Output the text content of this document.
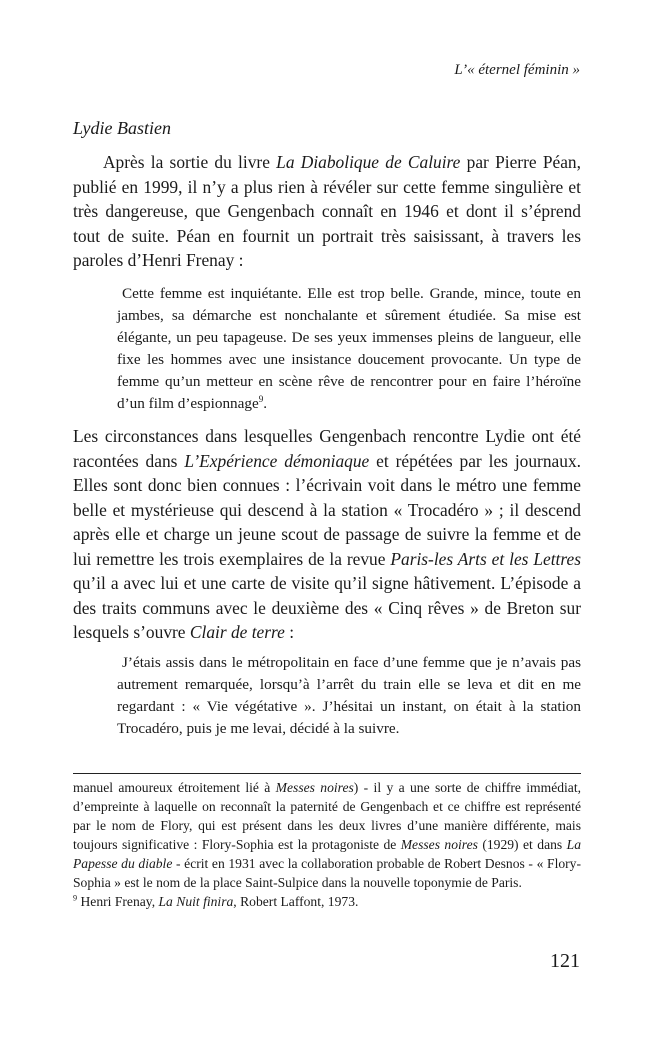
L’« éternel féminin »
Lydie Bastien

Après la sortie du livre La Diabolique de Caluire par Pierre Péan, publié en 1999, il n’y a plus rien à révéler sur cette femme singulière et très dangereuse, que Gengenbach connaît en 1946 et dont il s’éprend tout de suite. Péan en fournit un portrait très saisissant, à travers les paroles d’Henri Frenay :

Cette femme est inquiétante. Elle est trop belle. Grande, mince, toute en jambes, sa démarche est nonchalante et sûrement étudiée. Sa mise est élégante, un peu tapageuse. De ses yeux immenses pleins de langueur, elle fixe les hommes avec une insistance doucement provocante. Un type de femme qu’un metteur en scène rêve de rencontrer pour en faire l’héroïne d’un film d’espionnage$^9$.

Les circonstances dans lesquelles Gengenbach rencontre Lydie ont été racontées dans L’Expérience démoniaque et répétées par les journaux. Elles sont donc bien connues : l’écrivain voit dans le métro une femme belle et mystérieuse qui descend à la station « Trocadéro » ; il descend après elle et charge un jeune scout de passage de suivre la femme et de lui remettre les trois exemplaires de la revue Paris-les Arts et les Lettres qu’il a avec lui et une carte de visite qu’il signe hâtivement. L’épisode a des traits communs avec le deuxième des « Cinq rêves » de Breton sur lesquels s’ouvre Clair de terre :

J’étais assis dans le métropolitain en face d’une femme que je n’avais pas autrement remarquée, lorsqu’à l’arrêt du train elle se leva et dit en me regardant : « Vie végétative ». J’hésitai un instant, on était à la station Trocadéro, puis je me levai, décidé à la suivre.

manuel amoureux étroitement lié à Messes noires) - il y a une sorte de chiffre immédiat, d’empreinte à laquelle on reconnaît la paternité de Gengenbach et ce chiffre est représenté par le nom de Flory, qui est présent dans les deux livres d’une manière différente, mais toujours significative : Flory-Sophia est la protagoniste de Messes noires (1929) et dans La Papesse du diable - écrit en 1931 avec la collaboration probable de Robert Desnos - « Flory-Sophia » est le nom de la place Saint-Sulpice dans la nouvelle toponymie de Paris.

$^9$ Henri Frenay, La Nuit finira, Robert Laffont, 1973.

121
